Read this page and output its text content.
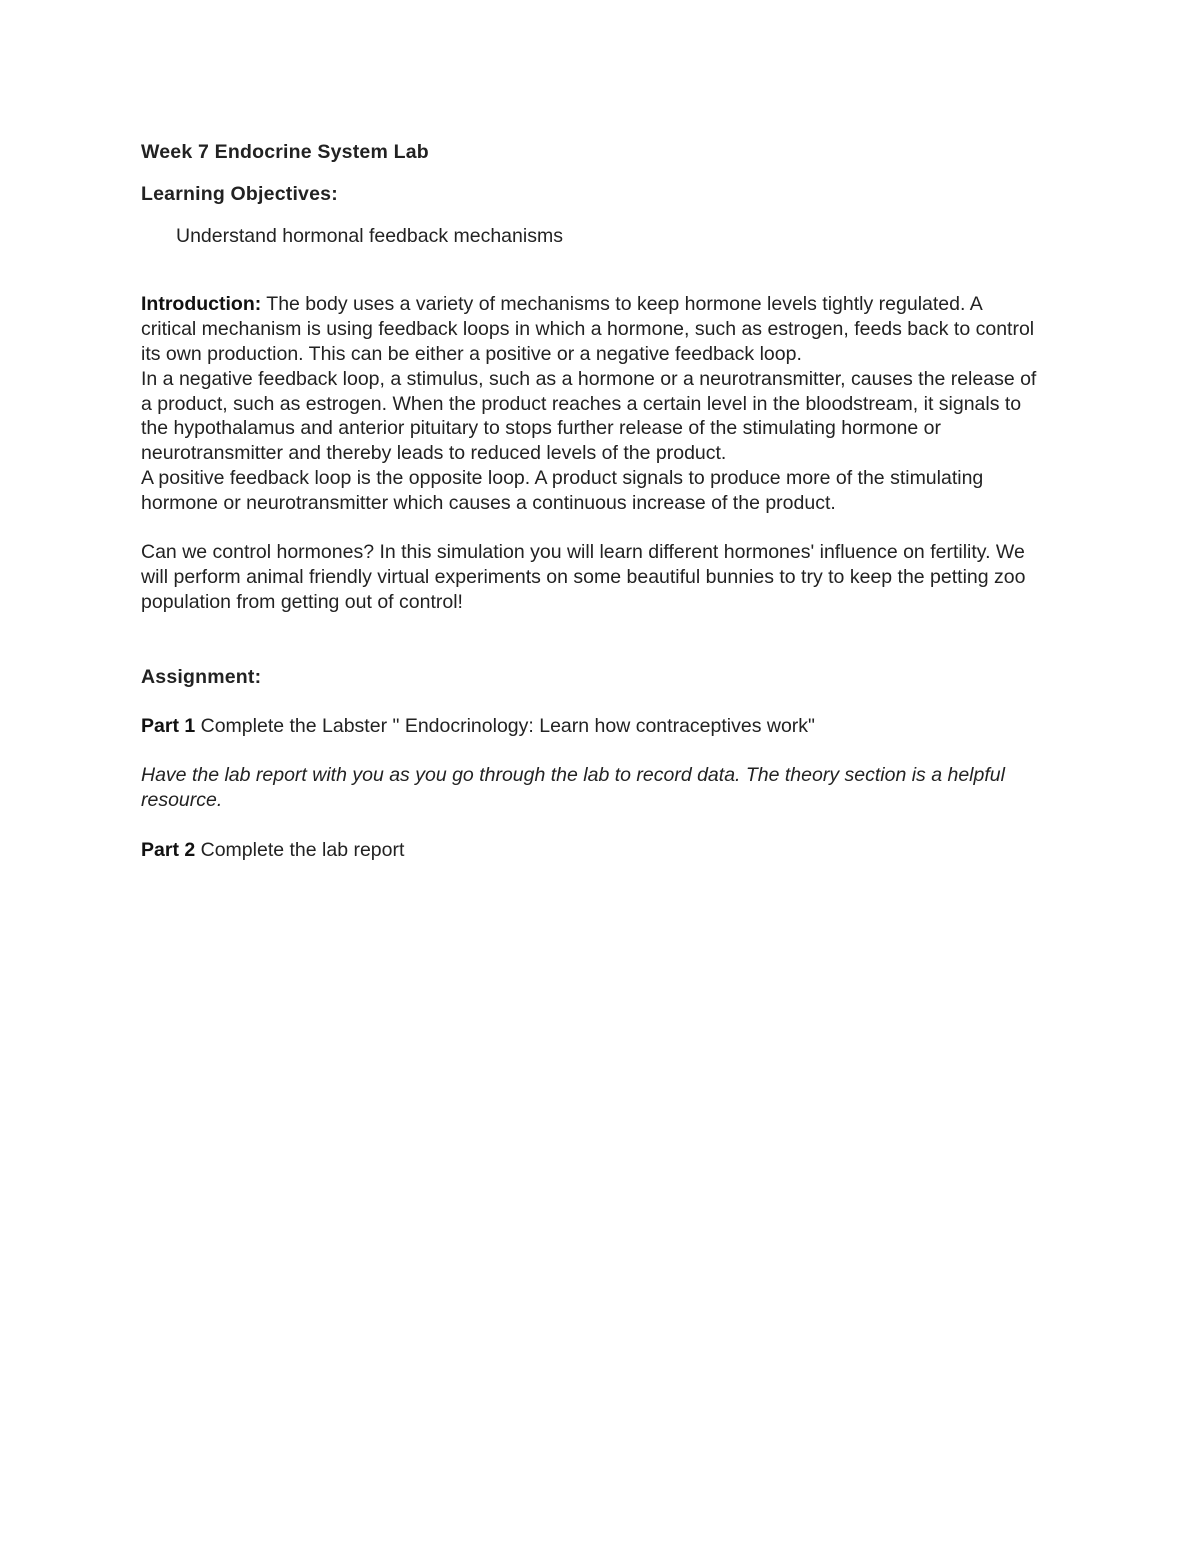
Week 7 Endocrine System Lab
Learning Objectives:
Understand hormonal feedback mechanisms

Introduction: The body uses a variety of mechanisms to keep hormone levels tightly regulated. A critical mechanism is using feedback loops in which a hormone, such as estrogen, feeds back to control its own production. This can be either a positive or a negative feedback loop.

In a negative feedback loop, a stimulus, such as a hormone or a neurotransmitter, causes the release of a product, such as estrogen. When the product reaches a certain level in the bloodstream, it signals to the hypothalamus and anterior pituitary to stops further release of the stimulating hormone or neurotransmitter and thereby leads to reduced levels of the product.

A positive feedback loop is the opposite loop. A product signals to produce more of the stimulating hormone or neurotransmitter which causes a continuous increase of the product.

Can we control hormones? In this simulation you will learn different hormones' influence on fertility. We will perform animal friendly virtual experiments on some beautiful bunnies to try to keep the petting zoo population from getting out of control!

Assignment:

Part 1 Complete the Labster " Endocrinology: Learn how contraceptives work"

Have the lab report with you as you go through the lab to record data. The theory section is a helpful resource.

Part 2 Complete the lab report
